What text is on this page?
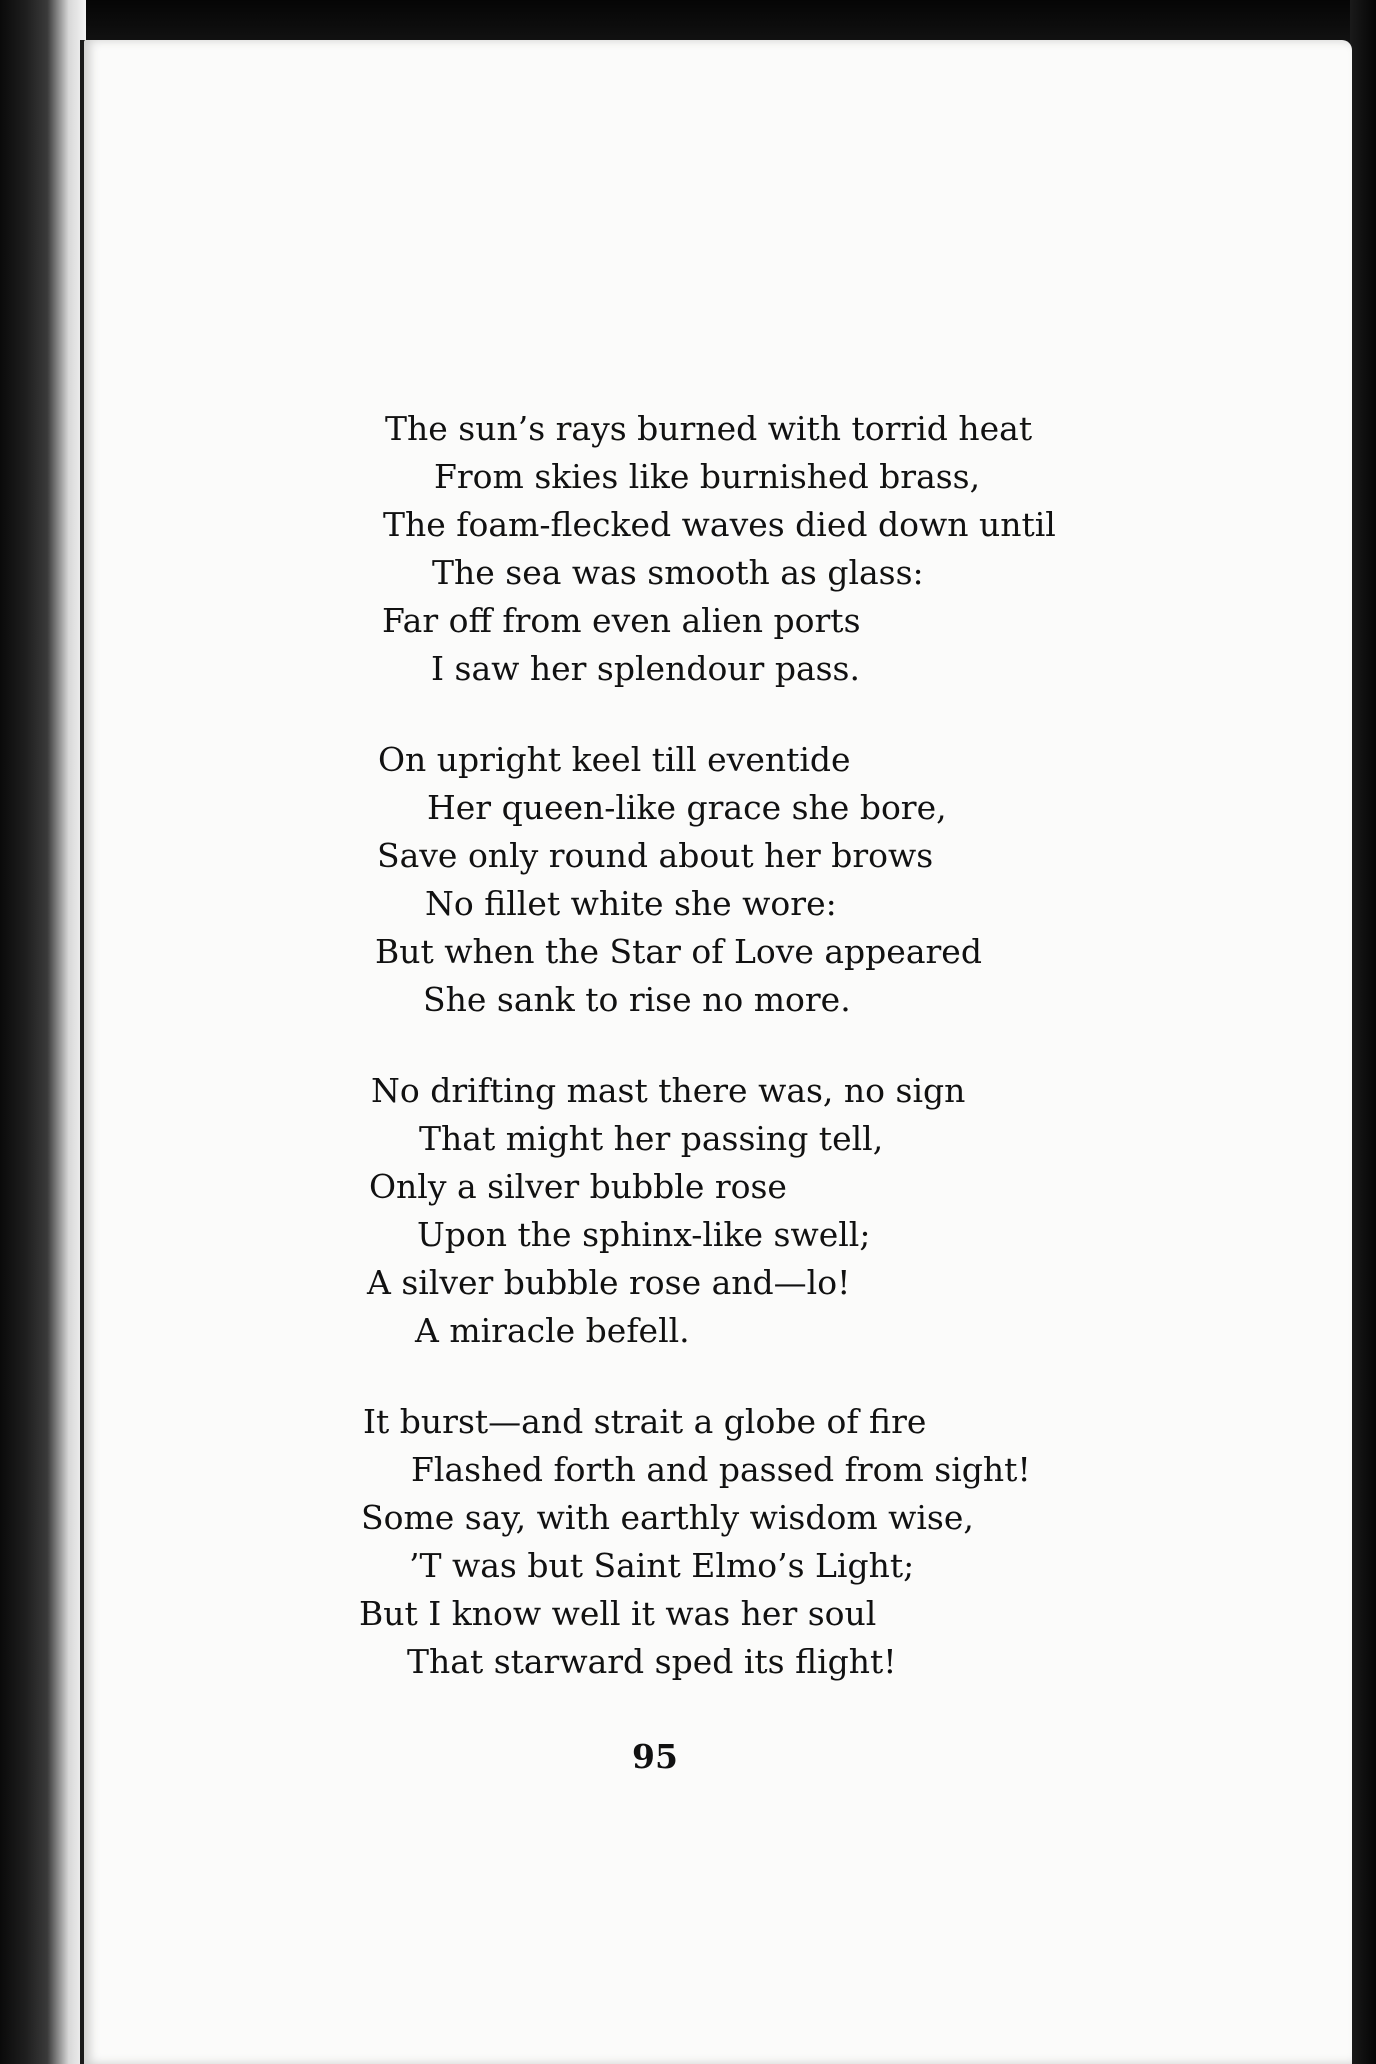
The sun’s rays burned with torrid heat
From skies like burnished brass,
The foam-flecked waves died down until
The sea was smooth as glass:
Far off from even alien ports
I saw her splendour pass.
On upright keel till eventide
Her queen-like grace she bore,
Save only round about her brows
No fillet white she wore:
But when the Star of Love appeared
She sank to rise no more.
No drifting mast there was, no sign
That might her passing tell,
Only a silver bubble rose
Upon the sphinx-like swell;
A silver bubble rose and—lo!
A miracle befell.
It burst—and strait a globe of fire
Flashed forth and passed from sight!
Some say, with earthly wisdom wise,
’T was but Saint Elmo’s Light;
But I know well it was her soul
That starward sped its flight!
95
